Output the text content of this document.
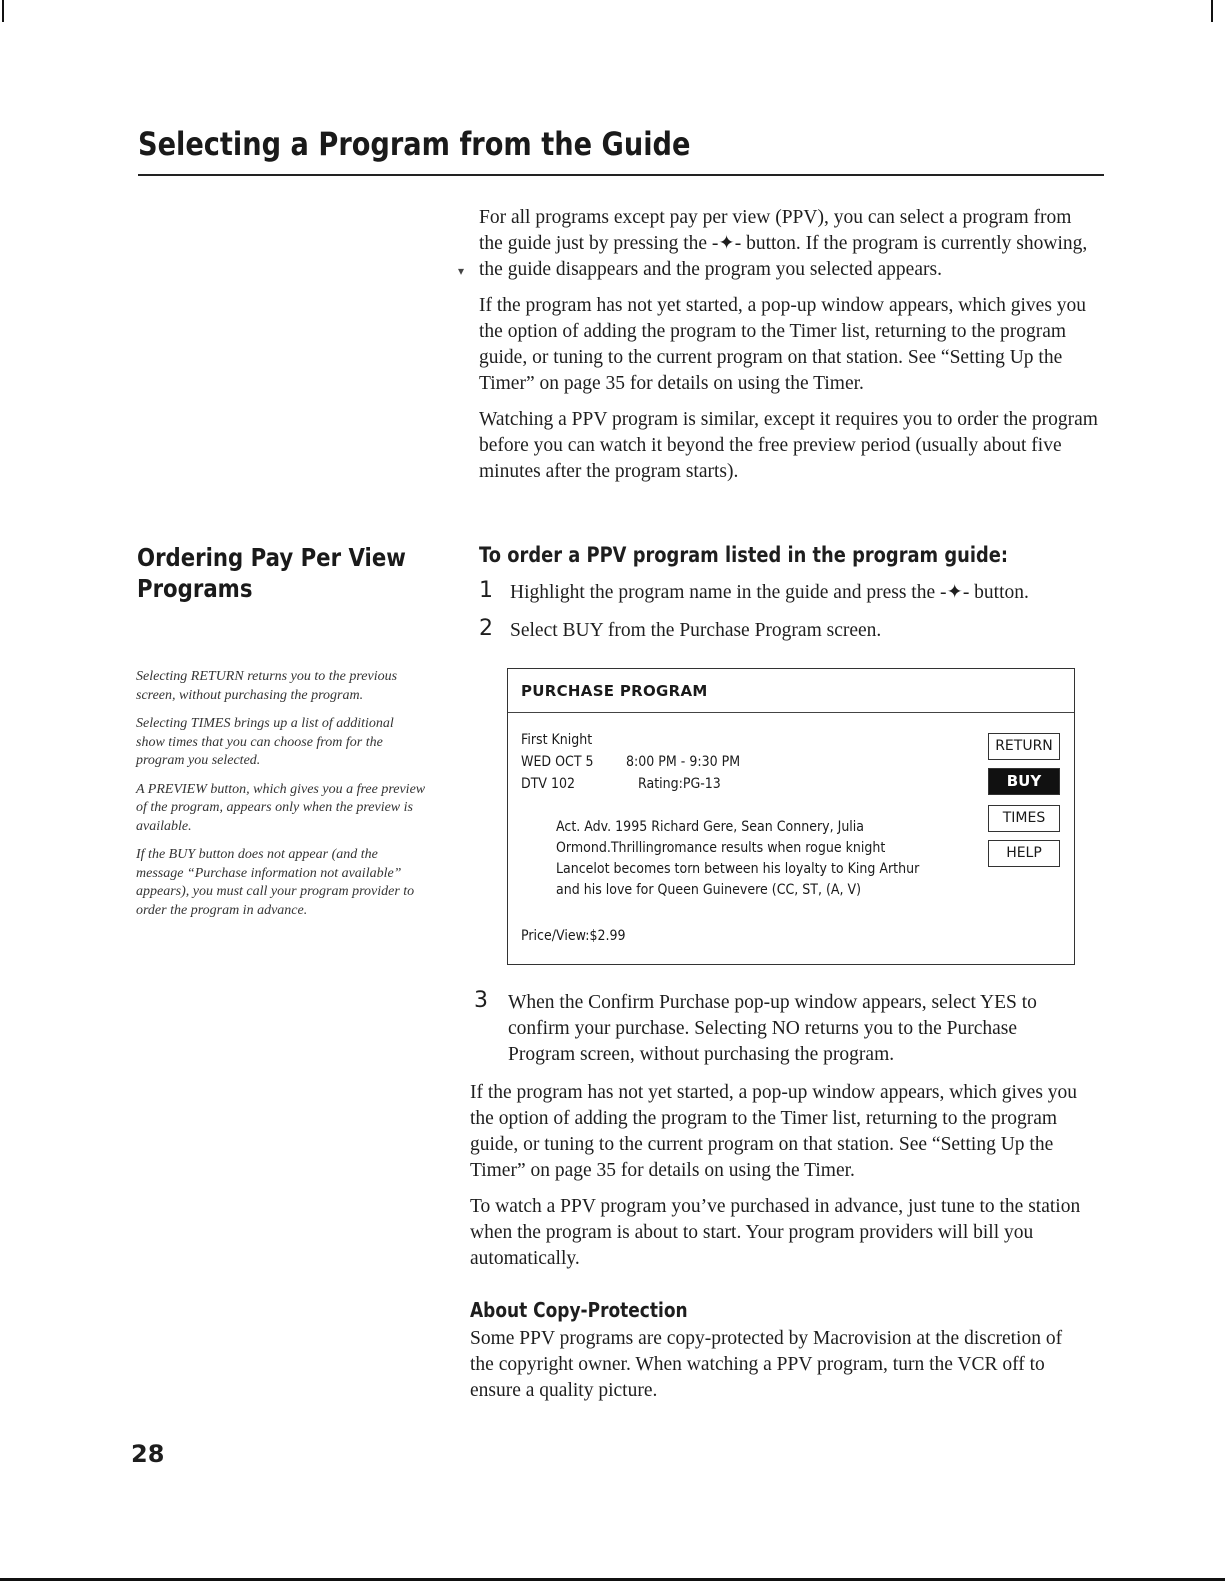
Selecting a Program from the Guide

For all programs except pay per view (PPV), you can select a program from the guide just by pressing the -✦- button. If the program is currently showing, the guide disappears and the program you selected appears.

If the program has not yet started, a pop-up window appears, which gives you the option of adding the program to the Timer list, returning to the program guide, or tuning to the current program on that station. See “Setting Up the Timer” on page 35 for details on using the Timer.

Watching a PPV program is similar, except it requires you to order the program before you can watch it beyond the free preview period (usually about five minutes after the program starts).

▾
Ordering Pay Per View Programs
To order a PPV program listed in the program guide:
1 Highlight the program name in the guide and press the -✦- button.
2 Select BUY from the Purchase Program screen.

Selecting RETURN returns you to the previous screen, without purchasing the program.

Selecting TIMES brings up a list of additional show times that you can choose from for the program you selected.

A PREVIEW button, which gives you a free preview of the program, appears only when the preview is available.

If the BUY button does not appear (and the message “Purchase information not available” appears), you must call your program provider to order the program in advance.

PURCHASE PROGRAM
First Knight
WED OCT 5 8:00 PM - 9:30 PM
DTV 102	Rating:PG-13
Act. Adv. 1995 Richard Gere, Sean Connery, Julia Ormond.Thrillingromance results when rogue knight Lancelot becomes torn between his loyalty to King Arthur and his love for Queen Guinevere (CC, ST, (A, V)
Price/View:$2.99
RETURN
BUY
TIMES
HELP
3 When the Confirm Purchase pop-up window appears, select YES to confirm your purchase. Selecting NO returns you to the Purchase Program screen, without purchasing the program.

If the program has not yet started, a pop-up window appears, which gives you the option of adding the program to the Timer list, returning to the program guide, or tuning to the current program on that station. See “Setting Up the Timer” on page 35 for details on using the Timer.

To watch a PPV program you’ve purchased in advance, just tune to the station when the program is about to start. Your program providers will bill you automatically.

About Copy-Protection
Some PPV programs are copy-protected by Macrovision at the discretion of the copyright owner. When watching a PPV program, turn the VCR off to ensure a quality picture.
28
